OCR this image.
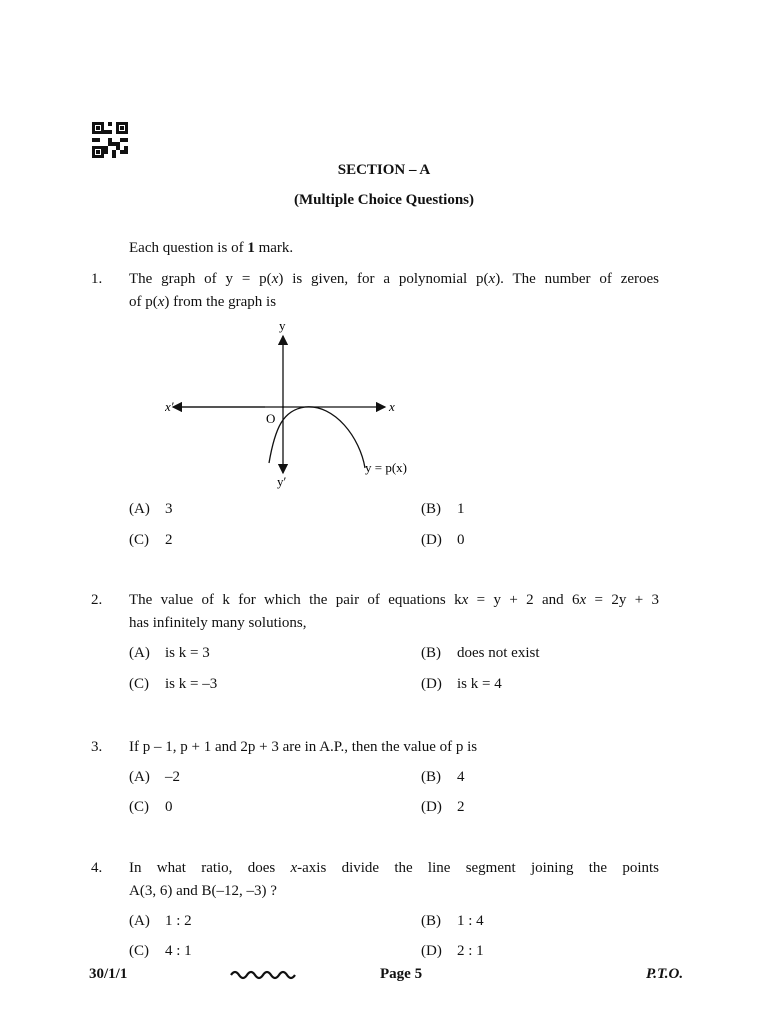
SECTION – A
(Multiple Choice Questions)
Each question is of 1 mark.
1. The graph of y = p(x) is given, for a polynomial p(x). The number of zeroes
of p(x) from the graph is
y
y′
x
x′
O
y = p(x)
(A) 3	(B) 1
(C) 2	(D) 0
2. The value of k for which the pair of equations kx = y + 2 and 6x = 2y + 3
has infinitely many solutions,
(A) is k = 3	(B) does not exist
(C) is k = –3	(D) is k = 4
3. If p – 1, p + 1 and 2p + 3 are in A.P., then the value of p is
(A) –2	(B) 4
(C) 0	(D) 2
4. In what ratio, does x-axis divide the line segment joining the points
A(3, 6) and B(–12, –3) ?
(A) 1 : 2	(B) 1 : 4
(C) 4 : 1	(D) 2 : 1
30/1/1	Page 5	P.T.O.
